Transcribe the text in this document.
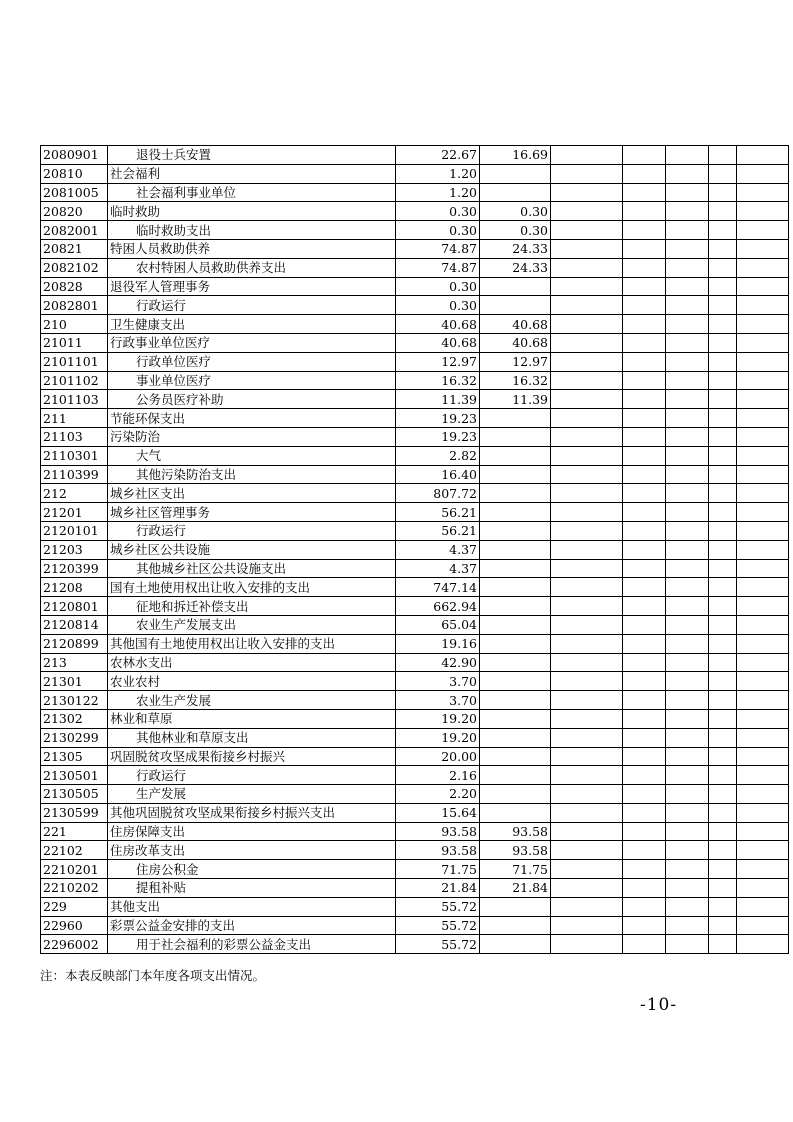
2080901	退役士兵安置	22.67	16.69					
20810	社会福利	1.20						
2081005	社会福利事业单位	1.20						
20820	临时救助	0.30	0.30					
2082001	临时救助支出	0.30	0.30					
20821	特困人员救助供养	74.87	24.33					
2082102	农村特困人员救助供养支出	74.87	24.33					
20828	退役军人管理事务	0.30						
2082801	行政运行	0.30						
210	卫生健康支出	40.68	40.68					
21011	行政事业单位医疗	40.68	40.68					
2101101	行政单位医疗	12.97	12.97					
2101102	事业单位医疗	16.32	16.32					
2101103	公务员医疗补助	11.39	11.39					
211	节能环保支出	19.23						
21103	污染防治	19.23						
2110301	大气	2.82						
2110399	其他污染防治支出	16.40						
212	城乡社区支出	807.72						
21201	城乡社区管理事务	56.21						
2120101	行政运行	56.21						
21203	城乡社区公共设施	4.37						
2120399	其他城乡社区公共设施支出	4.37						
21208	国有土地使用权出让收入安排的支出	747.14						
2120801	征地和拆迁补偿支出	662.94						
2120814	农业生产发展支出	65.04						
2120899	其他国有土地使用权出让收入安排的支出	19.16						
213	农林水支出	42.90						
21301	农业农村	3.70						
2130122	农业生产发展	3.70						
21302	林业和草原	19.20						
2130299	其他林业和草原支出	19.20						
21305	巩固脱贫攻坚成果衔接乡村振兴	20.00						
2130501	行政运行	2.16						
2130505	生产发展	2.20						
2130599	其他巩固脱贫攻坚成果衔接乡村振兴支出	15.64						
221	住房保障支出	93.58	93.58					
22102	住房改革支出	93.58	93.58					
2210201	住房公积金	71.75	71.75					
2210202	提租补贴	21.84	21.84					
229	其他支出	55.72						
22960	彩票公益金安排的支出	55.72						
2296002	用于社会福利的彩票公益金支出	55.72						
注：本表反映部门本年度各项支出情况。
-10-
